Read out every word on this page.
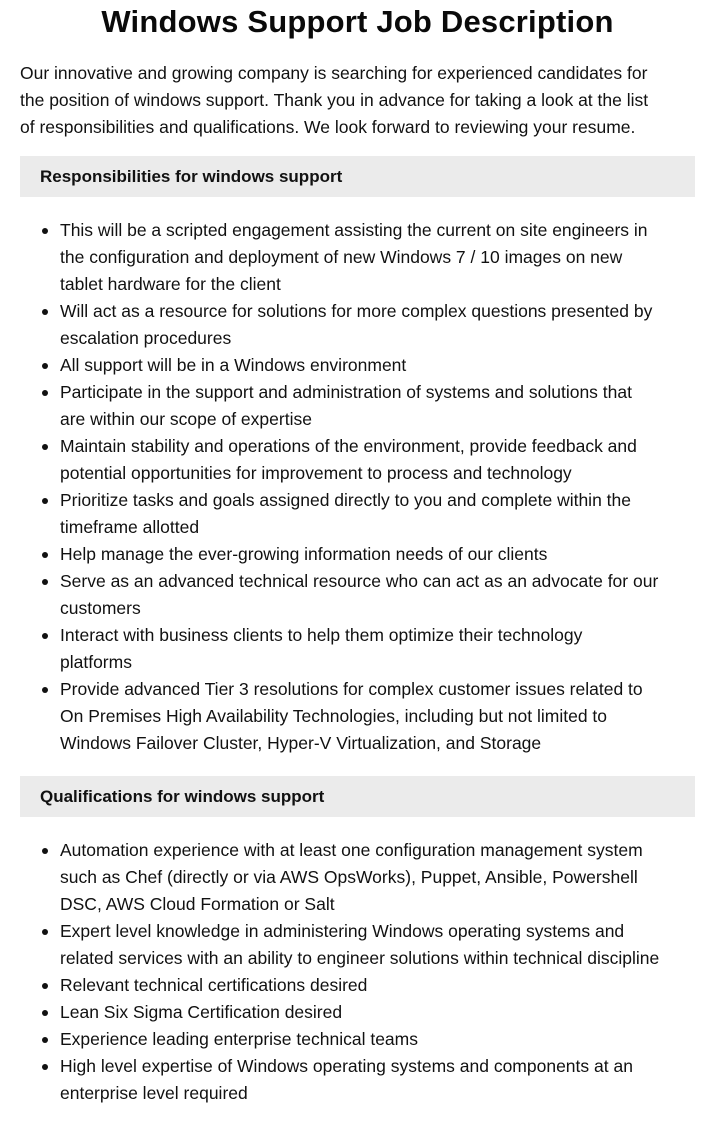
Windows Support Job Description

Our innovative and growing company is searching for experienced candidates for
the position of windows support. Thank you in advance for taking a look at the list
of responsibilities and qualifications. We look forward to reviewing your resume.

Responsibilities for windows support
This will be a scripted engagement assisting the current on site engineers in
the configuration and deployment of new Windows 7 / 10 images on new
tablet hardware for the client
Will act as a resource for solutions for more complex questions presented by
escalation procedures
All support will be in a Windows environment
Participate in the support and administration of systems and solutions that
are within our scope of expertise
Maintain stability and operations of the environment, provide feedback and
potential opportunities for improvement to process and technology
Prioritize tasks and goals assigned directly to you and complete within the
timeframe allotted
Help manage the ever-growing information needs of our clients
Serve as an advanced technical resource who can act as an advocate for our
customers
Interact with business clients to help them optimize their technology
platforms
Provide advanced Tier 3 resolutions for complex customer issues related to
On Premises High Availability Technologies, including but not limited to
Windows Failover Cluster, Hyper-V Virtualization, and Storage
Qualifications for windows support
Automation experience with at least one configuration management system
such as Chef (directly or via AWS OpsWorks), Puppet, Ansible, Powershell
DSC, AWS Cloud Formation or Salt
Expert level knowledge in administering Windows operating systems and
related services with an ability to engineer solutions within technical discipline
Relevant technical certifications desired
Lean Six Sigma Certification desired
Experience leading enterprise technical teams
High level expertise of Windows operating systems and components at an
enterprise level required
